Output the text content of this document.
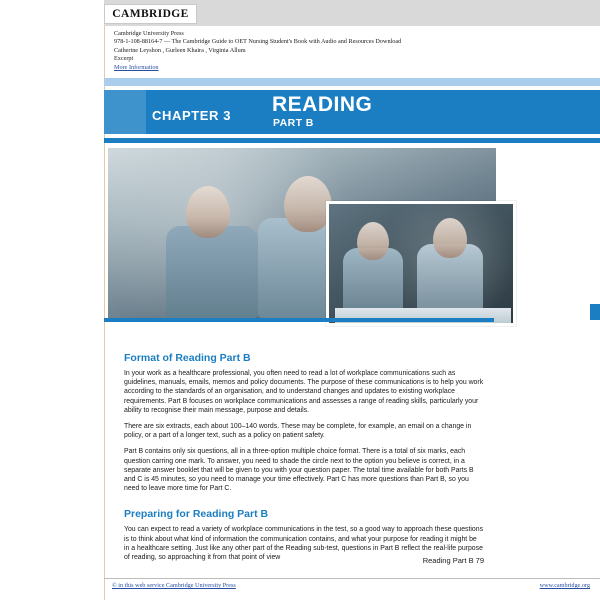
CAMBRIDGE
Cambridge University Press
978-1-108-88164-7 — The Cambridge Guide to OET Nursing Student's Book with Audio and Resources Download
Catherine Leyshon , Gurleen Khaira , Virginia Allum
Excerpt
More Information
CHAPTER 3 READING
PART B
Format of Reading Part B

In your work as a healthcare professional, you often need to read a lot of workplace communications such as guidelines, manuals, emails, memos and policy documents. The purpose of these communications is to help you work according to the standards of an organisation, and to understand changes and updates to existing workplace requirements. Part B focuses on workplace communications and assesses a range of reading skills, particularly your ability to recognise their main message, purpose and details.

There are six extracts, each about 100–140 words. These may be complete, for example, an email on a change in policy, or a part of a longer text, such as a policy on patient safety.

Part B contains only six questions, all in a three-option multiple choice format. There is a total of six marks, each question carring one mark. To answer, you need to shade the circle next to the option you believe is correct, in a separate answer booklet that will be given to you with your question paper. The total time available for both Parts B and C is 45 minutes, so you need to manage your time effectively. Part C has more questions than Part B, so you need to leave more time for Part C.

Preparing for Reading Part B

You can expect to read a variety of workplace communications in the test, so a good way to approach these questions is to think about what kind of information the communication contains, and what your purpose for reading it might be in a healthcare setting. Just like any other part of the Reading sub-test, questions in Part B reflect the real-life purpose of reading, so approaching it from that point of view	Reading Part B 79
© in this web service Cambridge University Press	www.cambridge.org
